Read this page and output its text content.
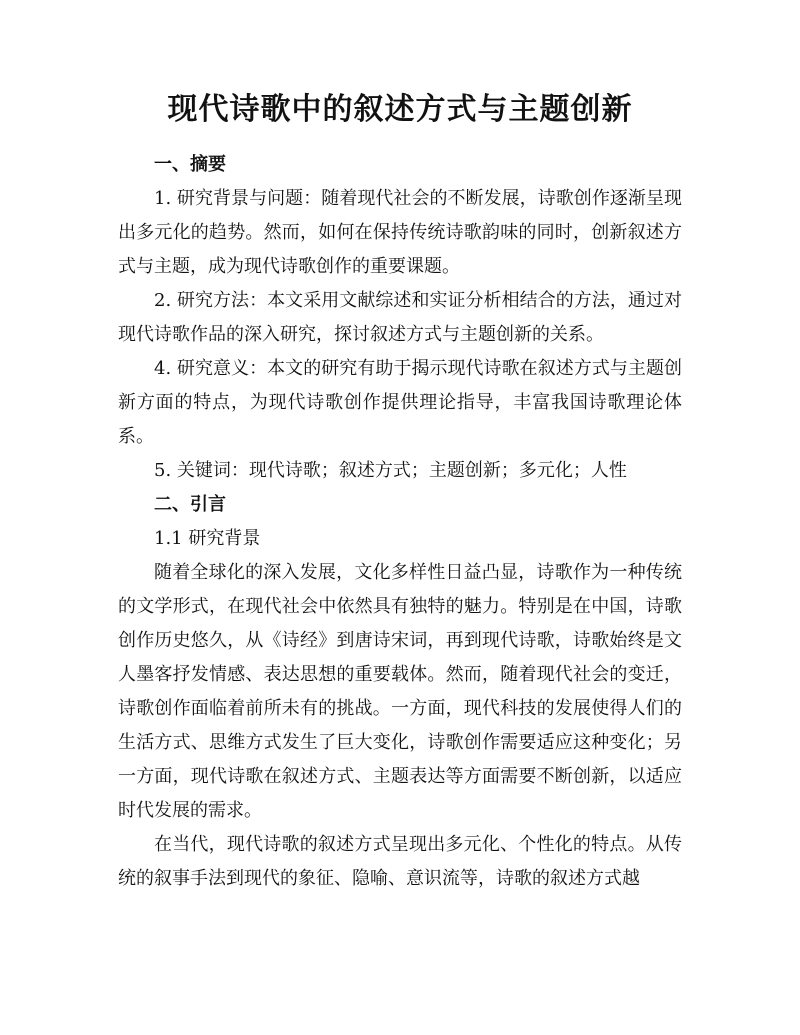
现代诗歌中的叙述方式与主题创新

一、摘要

1. 研究背景与问题：随着现代社会的不断发展，诗歌创作逐渐呈现出多元化的趋势。然而，如何在保持传统诗歌韵味的同时，创新叙述方式与主题，成为现代诗歌创作的重要课题。

2. 研究方法：本文采用文献综述和实证分析相结合的方法，通过对现代诗歌作品的深入研究，探讨叙述方式与主题创新的关系。

4. 研究意义：本文的研究有助于揭示现代诗歌在叙述方式与主题创新方面的特点，为现代诗歌创作提供理论指导，丰富我国诗歌理论体系。

5. 关键词：现代诗歌；叙述方式；主题创新；多元化；人性

二、引言

1.1 研究背景

随着全球化的深入发展，文化多样性日益凸显，诗歌作为一种传统的文学形式，在现代社会中依然具有独特的魅力。特别是在中国，诗歌创作历史悠久，从《诗经》到唐诗宋词，再到现代诗歌，诗歌始终是文人墨客抒发情感、表达思想的重要载体。然而，随着现代社会的变迁，诗歌创作面临着前所未有的挑战。一方面，现代科技的发展使得人们的生活方式、思维方式发生了巨大变化，诗歌创作需要适应这种变化；另一方面，现代诗歌在叙述方式、主题表达等方面需要不断创新，以适应时代发展的需求。

在当代，现代诗歌的叙述方式呈现出多元化、个性化的特点。从传统的叙事手法到现代的象征、隐喻、意识流等，诗歌的叙述方式越
